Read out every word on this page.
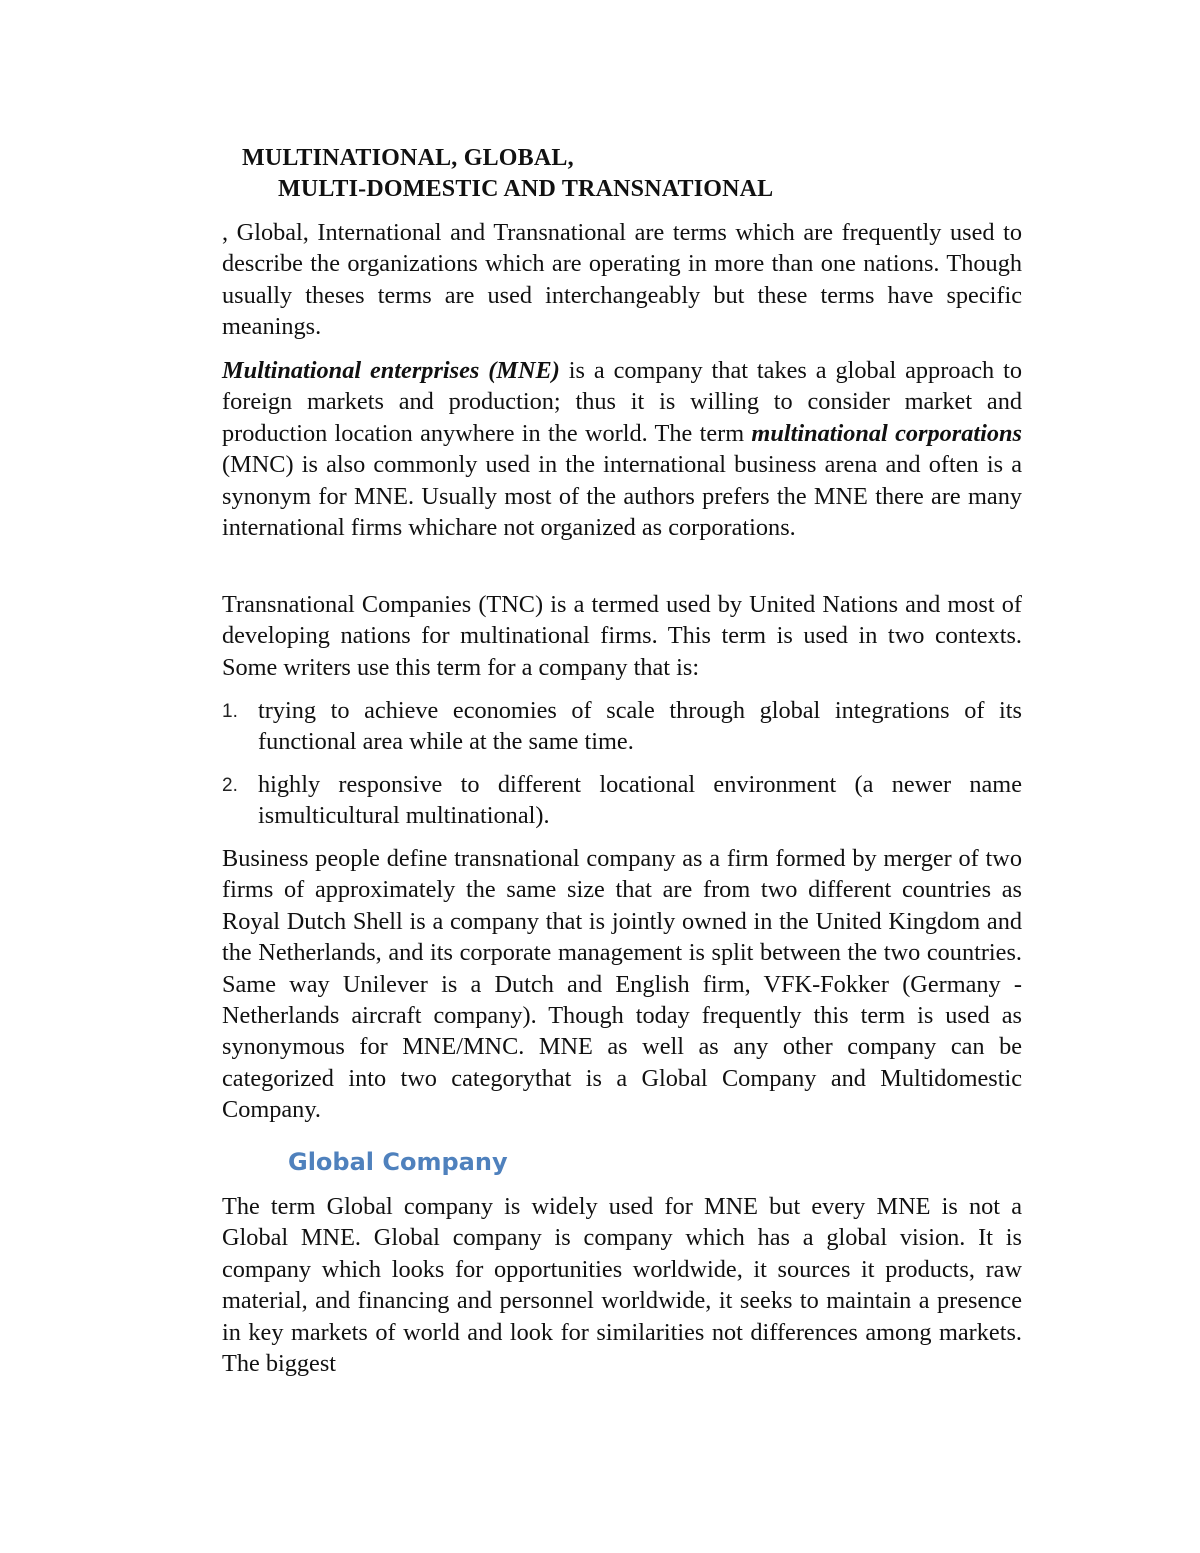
MULTINATIONAL, GLOBAL,
MULTI-DOMESTIC AND TRANSNATIONAL

, Global, International and Transnational are terms which are frequently used to describe the organizations which are operating in more than one nations. Though usually theses terms are used interchangeably but these terms have specific meanings.

Multinational enterprises (MNE) is a company that takes a global approach to foreign markets and production; thus it is willing to consider market and production location anywhere in the world. The term multinational corporations (MNC) is also commonly used in the international business arena and often is a synonym for MNE. Usually most of the authors prefers the MNE there are many international firms whichare not organized as corporations.

Transnational Companies (TNC) is a termed used by United Nations and most of developing nations for multinational firms. This term is used in two contexts. Some writers use this term for a company that is:

1. trying to achieve economies of scale through global integrations of its functional area while at the same time.
2. highly responsive to different locational environment (a newer name ismulticultural multinational).

Business people define transnational company as a firm formed by merger of two firms of approximately the same size that are from two different countries as Royal Dutch Shell is a company that is jointly owned in the United Kingdom and the Netherlands, and its corporate management is split between the two countries. Same way Unilever is a Dutch and English firm, VFK-Fokker (Germany - Netherlands aircraft company). Though today frequently this term is used as synonymous for MNE/MNC. MNE as well as any other company can be categorized into two categorythat is a Global Company and Multidomestic Company.

Global Company

The term Global company is widely used for MNE but every MNE is not a Global MNE. Global company is company which has a global vision. It is company which looks for opportunities worldwide, it sources it products, raw material, and financing and personnel worldwide, it seeks to maintain a presence in key markets of world and look for similarities not differences among markets. The biggest
